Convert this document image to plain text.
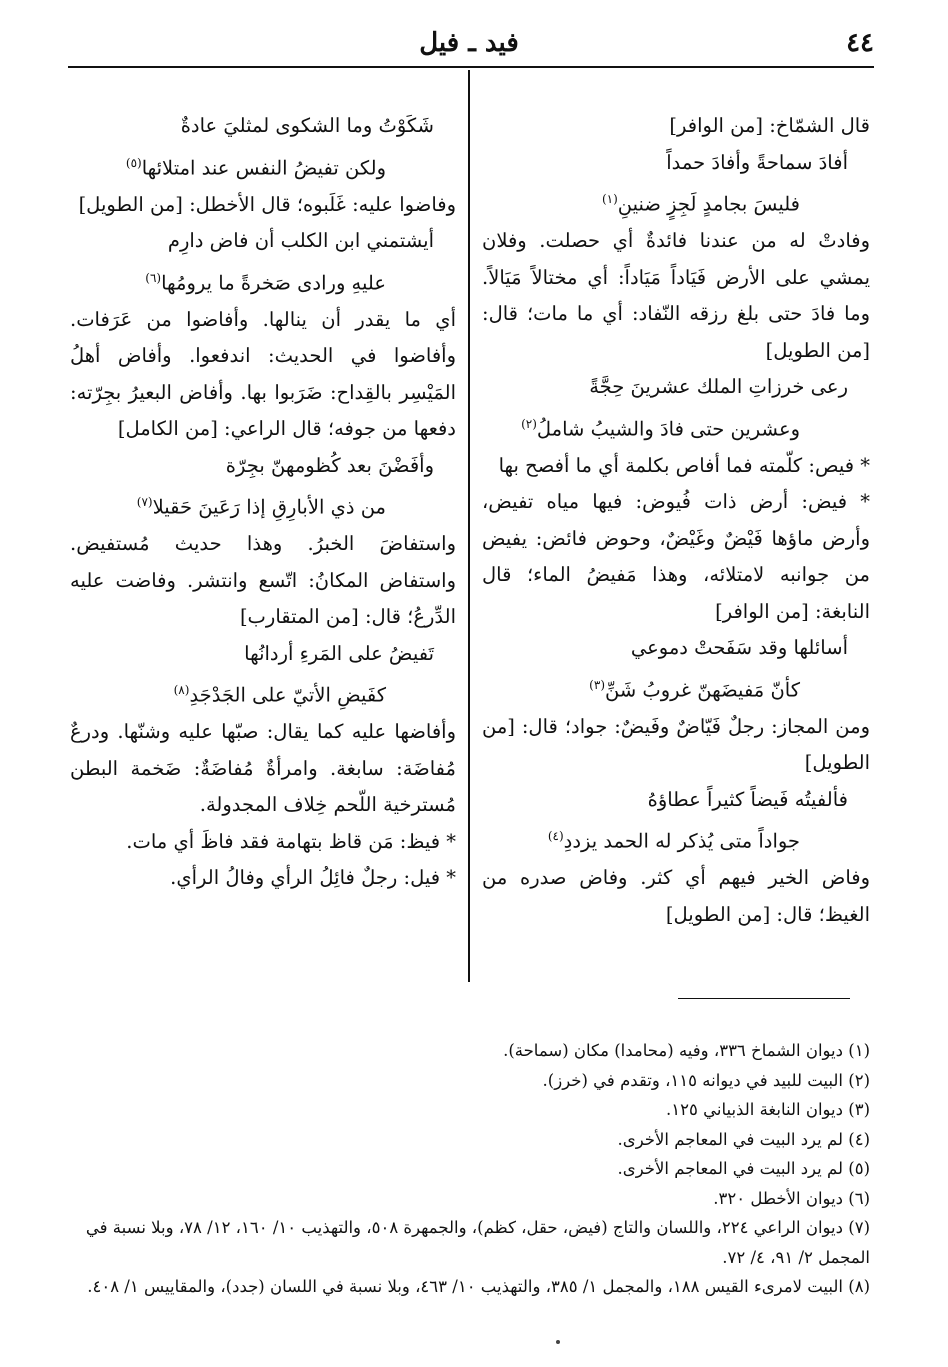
٤٤
فيد ـ فيل

قال الشمّاخ: [من الوافر]

أفادَ سماحةً وأفادَ حمداً
فليسَ بجامدٍ لَجِزٍ ضنينِ$^{(١)}$

وفادتْ له من عندنا فائدةٌ أي حصلت. وفلان يمشي على الأرض فَيَاداً مَيَاداً: أي مختالاً مَيَالاً. وما فادَ حتى بلغ رزقه النّفاد: أي ما مات؛ قال: [من الطويل]

رعى خرزاتِ الملك عشرينَ حِجَّةً
وعشرين حتى فادَ والشيبُ شاملُ$^{(٢)}$

* فيص: كلّمته فما أفاص بكلمة أي ما أفصح بها

* فيض: أرض ذات فُيوض: فيها مياه تفيض، وأرض ماؤها فَيْضٌ وغَيْضٌ، وحوض فائض: يفيض من جوانبه لامتلائه، وهذا مَفيضُ الماء؛ قال النابغة: [من الوافر]

أسائلها وقد سَفَحتْ دموعي
كأنّ مَفيضَهنّ غروبُ شَنِّ$^{(٣)}$

ومن المجاز: رجلٌ فَيّاضٌ وفَيضٌ: جواد؛ قال: [من الطويل]

فألفيتُه فَيضاً كثيراً عطاؤهُ
جواداً متى يُذكر له الحمد يزددِ$^{(٤)}$

وفاض الخير فيهم أي كثر. وفاض صدره من الغيظ؛ قال: [من الطويل]

شَكَوْتُ وما الشكوى لمثليَ عادةٌ
ولكن تفيضُ النفس عند امتلائها$^{(٥)}$

وفاضوا عليه: غَلَبوه؛ قال الأخطل: [من الطويل]

أيشتمني ابن الكلب أن فاض دارِم
عليهِ ورادى صَخرةً ما يرومُها$^{(٦)}$

أي ما يقدر أن ينالها. وأفاضوا من عَرَفات. وأفاضوا في الحديث: اندفعوا. وأفاض أهلُ المَيْسِر بالقِداح: ضَرَبوا بها. وأفاض البعيرُ بجِرّته: دفعها من جوفه؛ قال الراعي: [من الكامل]

وأفَضْنَ بعد كُظومهنّ بجِرّة
من ذي الأبارِقِ إذا رَعَينَ حَقيلا$^{(٧)}$

واستفاضَ الخبرُ. وهذا حديث مُستفيض. واستفاض المكانُ: اتّسع وانتشر. وفاضت عليه الدِّرعُ؛ قال: [من المتقارب]

تَفيضُ على المَرءِ أردانُها
كفَيضِ الأتيّ على الجَدْجَدِ$^{(٨)}$

وأفاضها عليه كما يقال: صبّها عليه وشنّها. ودرعٌ مُفاضَة: سابغة. وامرأةٌ مُفاضَةٌ: ضَخمة البطن مُسترخية اللّحم خِلاف المجدولة.

* فيظ: مَن قاظ بتهامة فقد فاظَ أي مات.

* فيل: رجلٌ فائِلُ الرأي وفالُ الرأي.

(١) ديوان الشماخ ٣٣٦، وفيه (محامدا) مكان (سماحة).

(٢) البيت للبيد في ديوانه ١١٥، وتقدم في (خرز).

(٣) ديوان النابغة الذبياني ١٢٥.

(٤) لم يرد البيت في المعاجم الأخرى.

(٥) لم يرد البيت في المعاجم الأخرى.

(٦) ديوان الأخطل ٣٢٠.

(٧) ديوان الراعي ٢٢٤، واللسان والتاج (فيض، حقل، كظم)، والجمهرة ٥٠٨، والتهذيب ١٠/ ١٦٠، ١٢/ ٧٨، وبلا نسبة في المجمل ٢/ ٩١، ٤/ ٧٢.

(٨) البيت لامرىء القيس ١٨٨، والمجمل ١/ ٣٨٥، والتهذيب ١٠/ ٤٦٣، وبلا نسبة في اللسان (جدد)، والمقاييس ١/ ٤٠٨.
